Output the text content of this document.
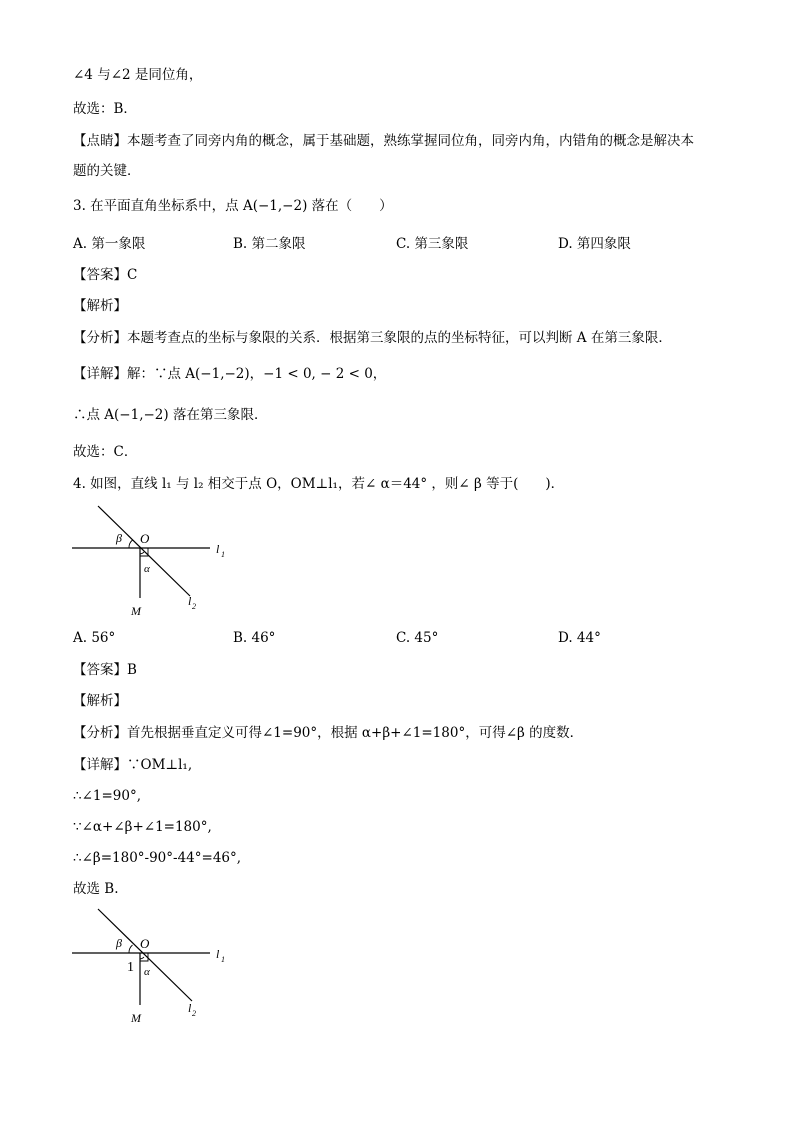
∠4 与∠2 是同位角，
故选：B．
【点睛】本题考查了同旁内角的概念，属于基础题，熟练掌握同位角，同旁内角，内错角的概念是解决本
题的关键．
3. 在平面直角坐标系中，点 A(−1,−2) 落在（　　）
A. 第一象限	B. 第二象限	C. 第三象限	D. 第四象限
【答案】C
【解析】
【分析】本题考查点的坐标与象限的关系．根据第三象限的点的坐标特征，可以判断 A 在第三象限．
【详解】解：∵点 A(−1,−2)，−1 < 0, − 2 < 0，
∴点 A(−1,−2) 落在第三象限．
故选：C．
4. 如图，直线 l₁ 与 l₂ 相交于点 O，OM⊥l₁，若∠ α＝44° ，则∠ β 等于(　　)．
β O
l 1
α
M
l 2
A. 56°	B. 46°	C. 45°	D. 44°
【答案】B
【解析】
【分析】首先根据垂直定义可得∠1=90°，根据 α+β+∠1=180°，可得∠β 的度数．
【详解】∵OM⊥l₁,
∴∠1=90°,
∵∠α+∠β+∠1=180°,
∴∠β=180°-90°-44°=46°,
故选 B.
β O
l 1
1 α
M
l 2
